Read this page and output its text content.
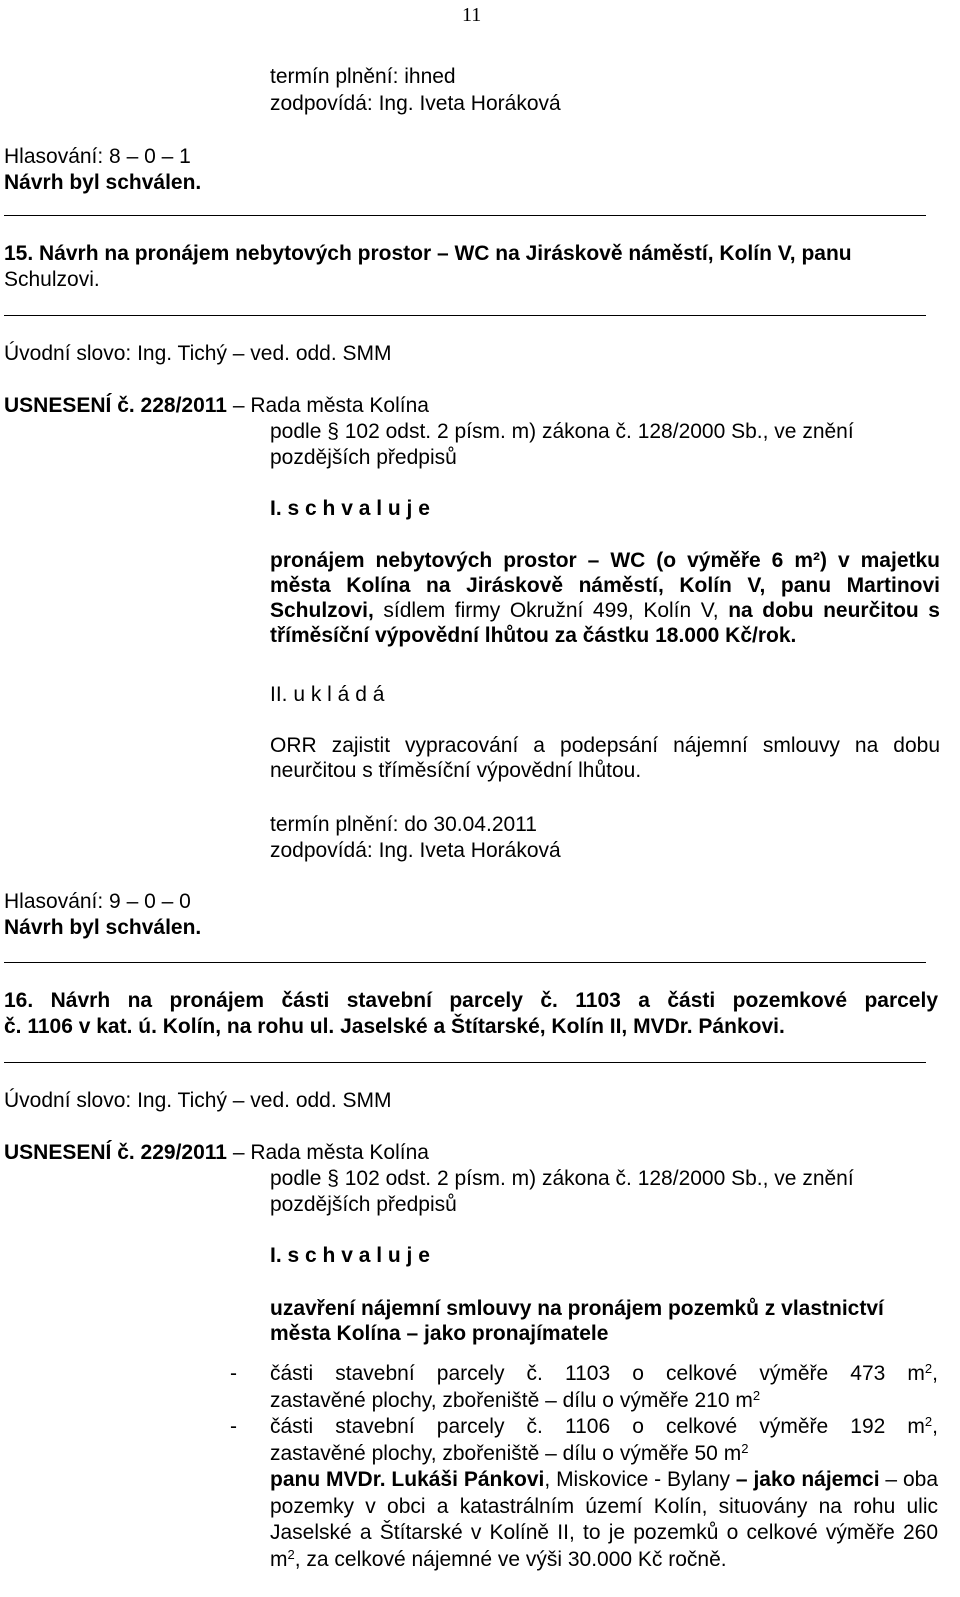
11
termín plnění: ihned
zodpovídá: Ing. Iveta Horáková
Hlasování: 8 – 0 – 1
Návrh byl schválen.
15. Návrh na pronájem nebytových prostor – WC na Jiráskově náměstí, Kolín V, panu
Schulzovi.
Úvodní slovo: Ing. Tichý – ved. odd. SMM
USNESENÍ č. 228/2011 – Rada města Kolína
podle § 102 odst. 2 písm. m) zákona č. 128/2000 Sb., ve znění
pozdějších předpisů
I. s c h v a l u j e
pronájem nebytových prostor – WC (o výměře 6 m²) v majetku města Kolína na Jiráskově náměstí, Kolín V, panu Martinovi Schulzovi, sídlem firmy Okružní 499, Kolín V, na dobu neurčitou s tříměsíční výpovědní lhůtou za částku 18.000 Kč/rok.
II. u k l á d á
ORR zajistit vypracování a podepsání nájemní smlouvy na dobu neurčitou s tříměsíční výpovědní lhůtou.
termín plnění: do 30.04.2011
zodpovídá: Ing. Iveta Horáková
Hlasování: 9 – 0 – 0
Návrh byl schválen.
16. Návrh na pronájem části stavební parcely č. 1103 a části pozemkové parcely
č. 1106 v kat. ú. Kolín, na rohu ul. Jaselské a Štítarské, Kolín II, MVDr. Pánkovi.
Úvodní slovo: Ing. Tichý – ved. odd. SMM
USNESENÍ č. 229/2011 – Rada města Kolína
podle § 102 odst. 2 písm. m) zákona č. 128/2000 Sb., ve znění
pozdějších předpisů
I. s c h v a l u j e
uzavření nájemní smlouvy na pronájem pozemků z vlastnictví města Kolína – jako pronajímatele
- části stavební parcely č. 1103 o celkové výměře 473 $m^2$,
zastavěné plochy, zbořeniště – dílu o výměře 210 $m^2$
- části stavební parcely č. 1106 o celkové výměře 192 $m^2$,
zastavěné plochy, zbořeniště – dílu o výměře 50 $m^2$
panu MVDr. Lukáši Pánkovi, Miskovice - Bylany – jako nájemci – oba pozemky v obci a katastrálním území Kolín, situovány na rohu ulic Jaselské a Štítarské v Kolíně II, to je pozemků o celkové výměře 260 $m^2$, za celkové nájemné ve výši 30.000 Kč ročně.
